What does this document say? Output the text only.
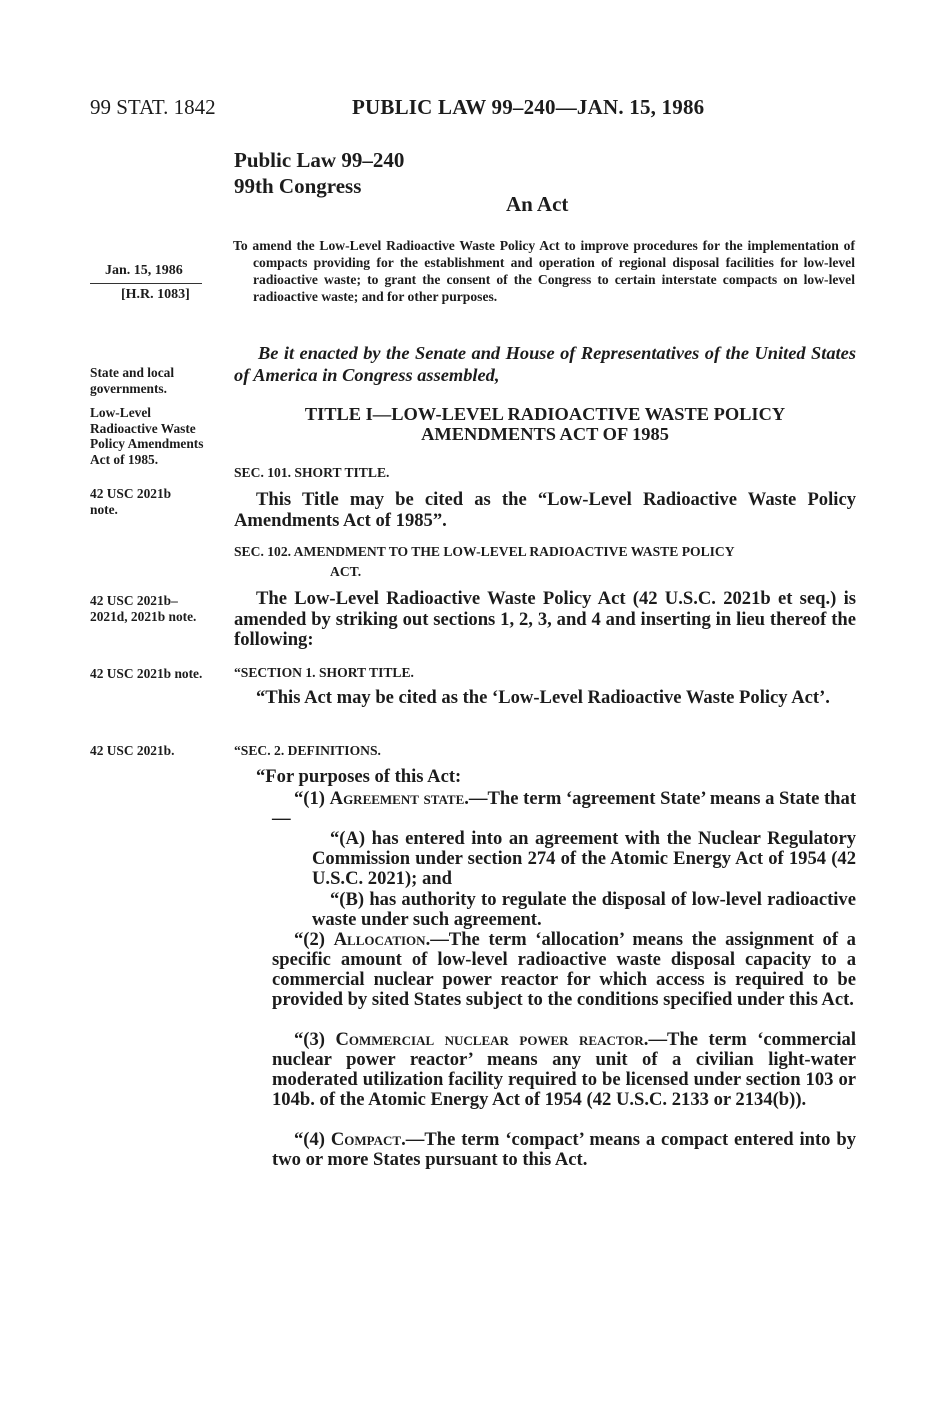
99 STAT. 1842	PUBLIC LAW 99–240—JAN. 15, 1986
Public Law 99–240
99th Congress
An Act
Jan. 15, 1986
[H.R. 1083]
To amend the Low-Level Radioactive Waste Policy Act to improve procedures for the implementation of compacts providing for the establishment and operation of regional disposal facilities for low-level radioactive waste; to grant the consent of the Congress to certain interstate compacts on low-level radioactive waste; and for other purposes.
State and local governments.
Be it enacted by the Senate and House of Representatives of the United States of America in Congress assembled,
TITLE I—LOW-LEVEL RADIOACTIVE WASTE POLICY
AMENDMENTS ACT OF 1985
Low-Level Radioactive Waste Policy Amendments Act of 1985.
42 USC 2021b note.
SEC. 101. SHORT TITLE.
This Title may be cited as the “Low-Level Radioactive Waste Policy Amendments Act of 1985”.
SEC. 102. AMENDMENT TO THE LOW-LEVEL RADIOACTIVE WASTE POLICY
ACT.
42 USC 2021b–2021d, 2021b note.
The Low-Level Radioactive Waste Policy Act (42 U.S.C. 2021b et seq.) is amended by striking out sections 1, 2, 3, and 4 and inserting in lieu thereof the following:
42 USC 2021b note. “SECTION 1. SHORT TITLE.
“This Act may be cited as the ‘Low-Level Radioactive Waste Policy Act’.
42 USC 2021b.	“SEC. 2. DEFINITIONS.
“For purposes of this Act:
“(1) Agreement state.—The term ‘agreement State’ means a State that—
“(A) has entered into an agreement with the Nuclear Regulatory Commission under section 274 of the Atomic Energy Act of 1954 (42 U.S.C. 2021); and
“(B) has authority to regulate the disposal of low-level radioactive waste under such agreement.
“(2) Allocation.—The term ‘allocation’ means the assignment of a specific amount of low-level radioactive waste disposal capacity to a commercial nuclear power reactor for which access is required to be provided by sited States subject to the conditions specified under this Act.
“(3) Commercial nuclear power reactor.—The term ‘commercial nuclear power reactor’ means any unit of a civilian light-water moderated utilization facility required to be licensed under section 103 or 104b. of the Atomic Energy Act of 1954 (42 U.S.C. 2133 or 2134(b)).
“(4) Compact.—The term ‘compact’ means a compact entered into by two or more States pursuant to this Act.
